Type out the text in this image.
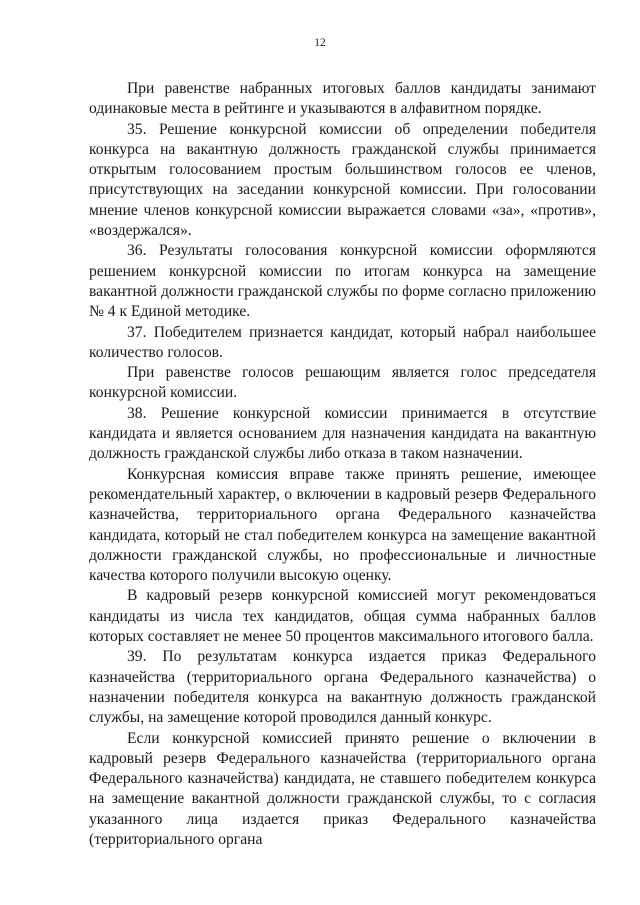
12

При равенстве набранных итоговых баллов кандидаты занимают одинаковые места в рейтинге и указываются в алфавитном порядке.

35. Решение конкурсной комиссии об определении победителя конкурса на вакантную должность гражданской службы принимается открытым голосованием простым большинством голосов ее членов, присутствующих на заседании конкурсной комиссии. При голосовании мнение членов конкурсной комиссии выражается словами «за», «против», «воздержался».

36. Результаты голосования конкурсной комиссии оформляются решением конкурсной комиссии по итогам конкурса на замещение вакантной должности гражданской службы по форме согласно приложению № 4 к Единой методике.

37. Победителем признается кандидат, который набрал наибольшее количество голосов.

При равенстве голосов решающим является голос председателя конкурсной комиссии.

38. Решение конкурсной комиссии принимается в отсутствие кандидата и является основанием для назначения кандидата на вакантную должность гражданской службы либо отказа в таком назначении.

Конкурсная комиссия вправе также принять решение, имеющее рекомендательный характер, о включении в кадровый резерв Федерального казначейства, территориального органа Федерального казначейства кандидата, который не стал победителем конкурса на замещение вакантной должности гражданской службы, но профессиональные и личностные качества которого получили высокую оценку.

В кадровый резерв конкурсной комиссией могут рекомендоваться кандидаты из числа тех кандидатов, общая сумма набранных баллов которых составляет не менее 50 процентов максимального итогового балла.

39. По результатам конкурса издается приказ Федерального казначейства (территориального органа Федерального казначейства) о назначении победителя конкурса на вакантную должность гражданской службы, на замещение которой проводился данный конкурс.

Если конкурсной комиссией принято решение о включении в кадровый резерв Федерального казначейства (территориального органа Федерального казначейства) кандидата, не ставшего победителем конкурса на замещение вакантной должности гражданской службы, то с согласия указанного лица издается приказ Федерального казначейства (территориального органа
